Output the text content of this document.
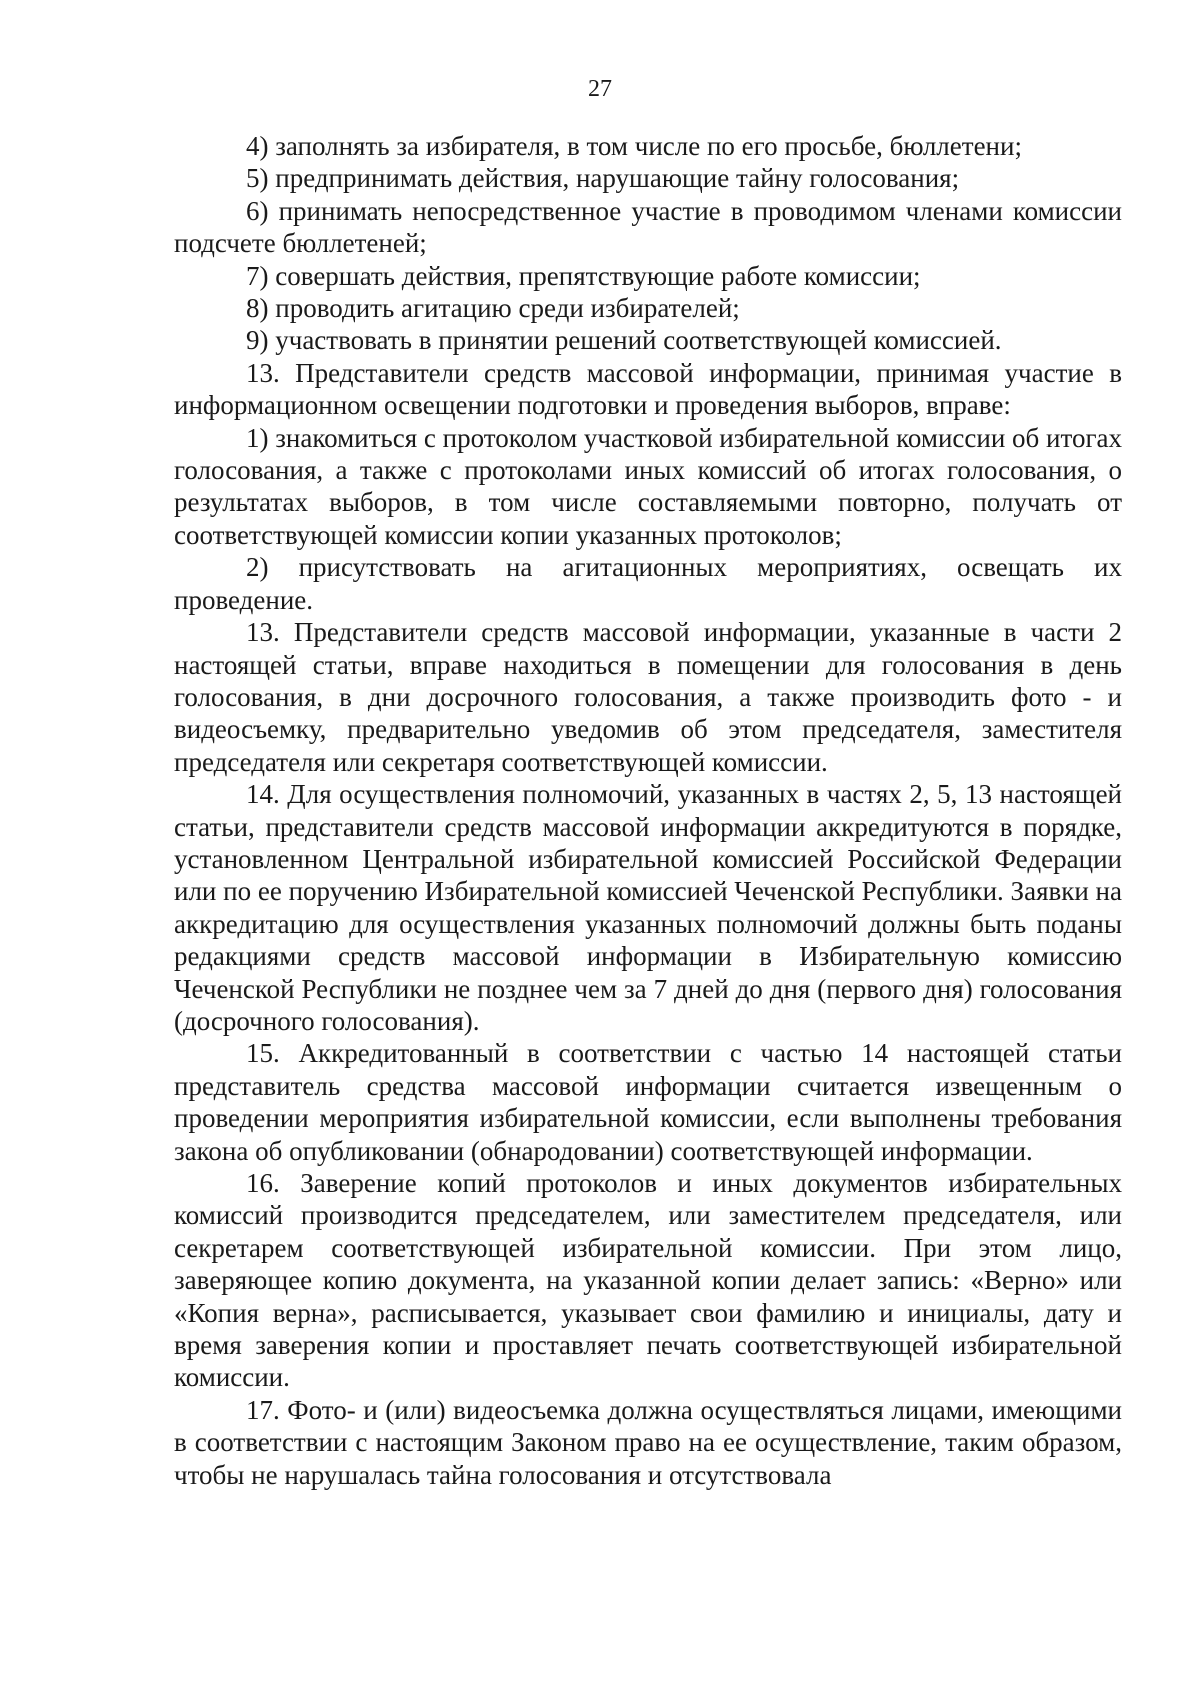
27

4) заполнять за избирателя, в том числе по его просьбе, бюллетени;

5) предпринимать действия, нарушающие тайну голосования;

6) принимать непосредственное участие в проводимом членами комиссии подсчете бюллетеней;

7) совершать действия, препятствующие работе комиссии;

8) проводить агитацию среди избирателей;

9) участвовать в принятии решений соответствующей комиссией.

13. Представители средств массовой информации, принимая участие в информационном освещении подготовки и проведения выборов, вправе:

1) знакомиться с протоколом участковой избирательной комиссии об итогах голосования, а также с протоколами иных комиссий об итогах голосования, о результатах выборов, в том числе составляемыми повторно, получать от соответствующей комиссии копии указанных протоколов;

2) присутствовать на агитационных мероприятиях, освещать их проведение.

13. Представители средств массовой информации, указанные в части 2 настоящей статьи, вправе находиться в помещении для голосования в день голосования, в дни досрочного голосования, а также производить фото - и видеосъемку, предварительно уведомив об этом председателя, заместителя председателя или секретаря соответствующей комиссии.

14. Для осуществления полномочий, указанных в частях 2, 5, 13 настоящей статьи, представители средств массовой информации аккредитуются в порядке, установленном Центральной избирательной комиссией Российской Федерации или по ее поручению Избирательной комиссией Чеченской Республики. Заявки на аккредитацию для осуществления указанных полномочий должны быть поданы редакциями средств массовой информации в Избирательную комиссию Чеченской Республики не позднее чем за 7 дней до дня (первого дня) голосования (досрочного голосования).

15. Аккредитованный в соответствии с частью 14 настоящей статьи представитель средства массовой информации считается извещенным о проведении мероприятия избирательной комиссии, если выполнены требования закона об опубликовании (обнародовании) соответствующей информации.

16. Заверение копий протоколов и иных документов избирательных комиссий производится председателем, или заместителем председателя, или секретарем соответствующей избирательной комиссии. При этом лицо, заверяющее копию документа, на указанной копии делает запись: «Верно» или «Копия верна», расписывается, указывает свои фамилию и инициалы, дату и время заверения копии и проставляет печать соответствующей избирательной комиссии.

17. Фото- и (или) видеосъемка должна осуществляться лицами, имеющими в соответствии с настоящим Законом право на ее осуществление, таким образом, чтобы не нарушалась тайна голосования и отсутствовала
